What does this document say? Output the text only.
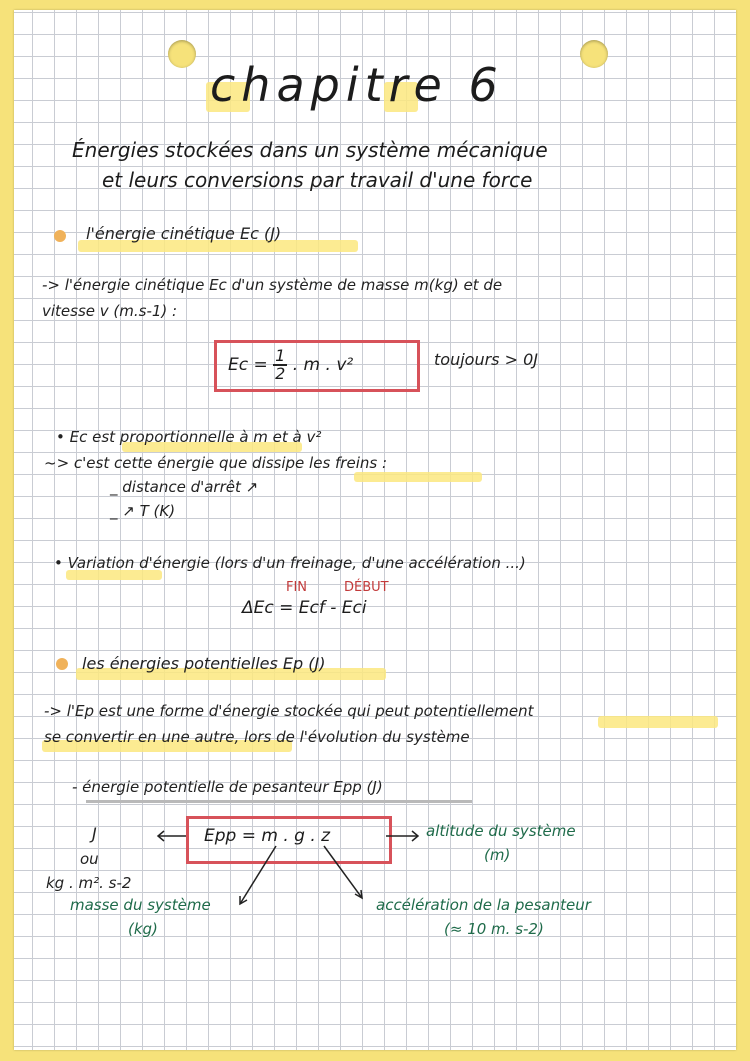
chapitre 6
Énergies stockées dans un système mécanique
et leurs conversions par travail d'une force
l'énergie cinétique Ec (J)
-> l'énergie cinétique Ec d'un système de masse m(kg) et de
vitesse v (m.s-1) :
$Ec = \frac{1}{2}$ . m . v²	toujours > 0J
• Ec est proportionnelle à m et à v²
~> c'est cette énergie que dissipe les freins :
_ distance d'arrêt ↗
_ ↗ T (K)
• Variation d'énergie (lors d'un freinage, d'une accélération ...)
FIN	DÉBUT
ΔEc = Ecf - Eci
les énergies potentielles Ep (J)
-> l'Ep est une forme d'énergie stockée qui peut potentiellement
se convertir en une autre, lors de l'évolution du système
- énergie potentielle de pesanteur Epp (J)
Epp = m . g . z
J
ou
kg . m². s-2
altitude du système
(m)
masse du système
(kg)
accélération de la pesanteur
(≈ 10 m. s-2)
